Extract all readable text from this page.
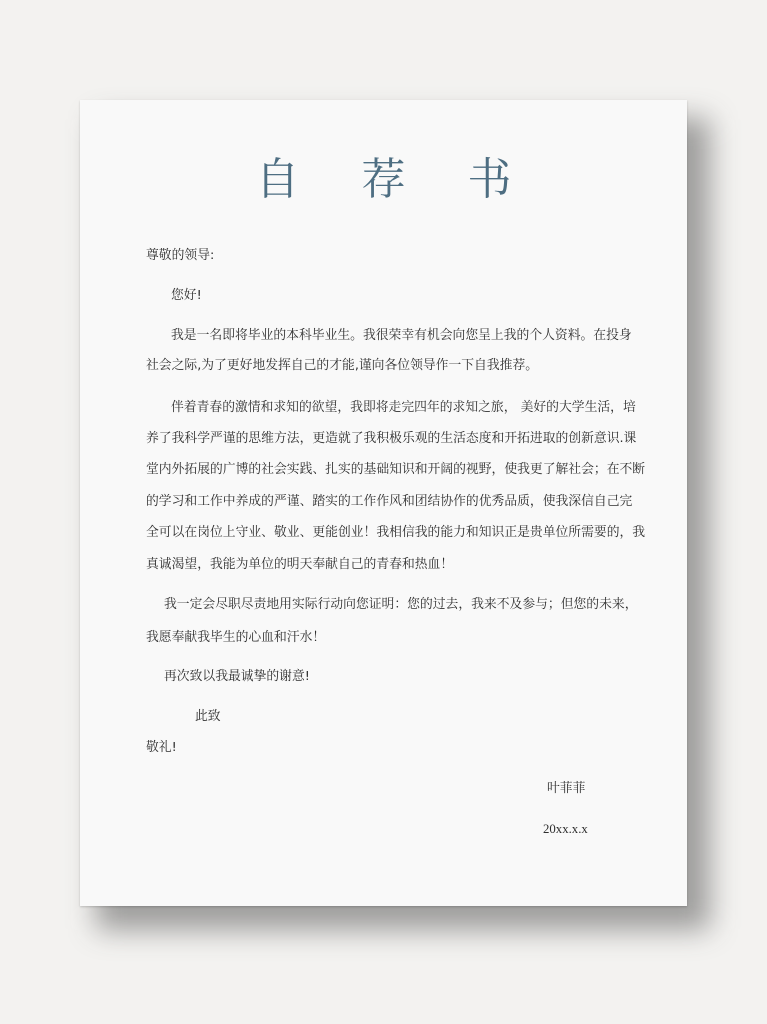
自 荐 书
尊敬的领导:
您好!
我是一名即将毕业的本科毕业生。我很荣幸有机会向您呈上我的个人资料。在投身
社会之际,为了更好地发挥自己的才能,谨向各位领导作一下自我推荐。
伴着青春的激情和求知的欲望，我即将走完四年的求知之旅， 美好的大学生活，培
养了我科学严谨的思维方法，更造就了我积极乐观的生活态度和开拓进取的创新意识.课
堂内外拓展的广博的社会实践、扎实的基础知识和开阔的视野，使我更了解社会；在不断
的学习和工作中养成的严谨、踏实的工作作风和团结协作的优秀品质，使我深信自己完
全可以在岗位上守业、敬业、更能创业！我相信我的能力和知识正是贵单位所需要的，我
真诚渴望，我能为单位的明天奉献自己的青春和热血！
我一定会尽职尽责地用实际行动向您证明：您的过去，我来不及参与；但您的未来，
我愿奉献我毕生的心血和汗水！
再次致以我最诚挚的谢意!
此致
敬礼!
叶菲菲
20xx.x.x
